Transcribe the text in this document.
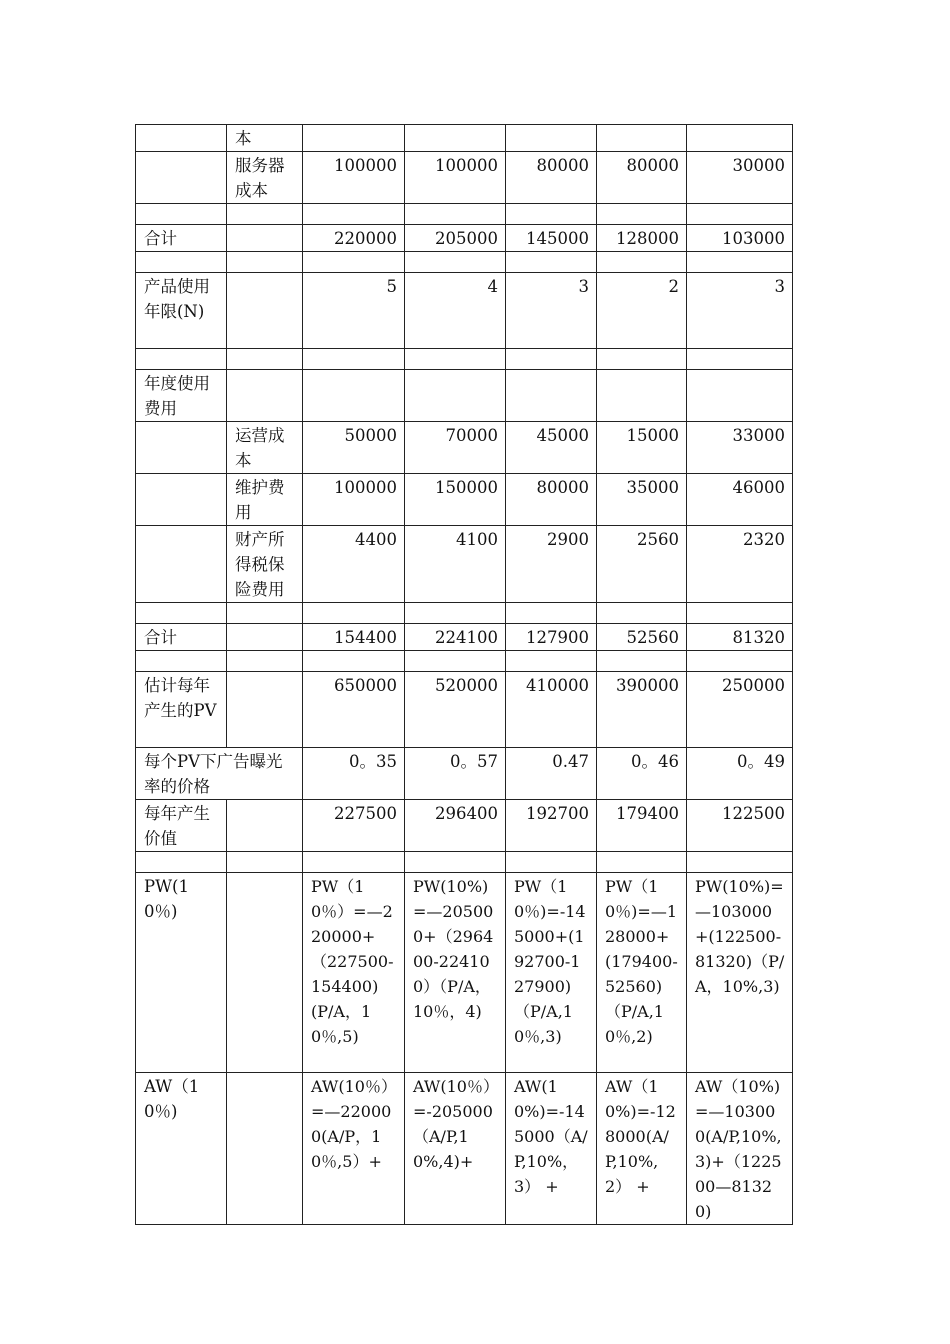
	本					
	服务器成本	100000	100000	80000	80000	30000

合计		220000	205000	145000	128000	103000

产品使用年限(N)		5	4	3	2	3

年度使用费用						
	运营成本	50000	70000	45000	15000	33000
	维护费用	100000	150000	80000	35000	46000
	财产所得税保险费用	4400	4100	2900	2560	2320

合计		154400	224100	127900	52560	81320

估计每年产生的PV		650000	520000	410000	390000	250000
每个PV下广告曝光率的价格		0。35	0。57	0.47	0。46	0。49
每年产生价值		227500	296400	192700	179400	122500

PW(10％)		PW（10％）=—220000+（227500-154400)(P/A，10％,5)	PW(10%)=—205000+（296400-224100）（P/A，10％，4)	PW（10％)=-145000+(192700-127900)（P/A,10％,3)	PW（10％)=—128000+(179400-52560)（P/A,10％,2)	PW(10%)=—103000+(122500-81320)（P/A，10%,3)
AW（10％)		AW(10％）=—220000(A/P，10％,5）+	AW(10％）=-205000（A/P,10%,4)+	AW(10%)=-145000（A/P,10%，3） +	AW（10%)=-128000(A/P,10%,2） +	AW（10%)=—103000(A/P,10%,3)+（122500—81320)
